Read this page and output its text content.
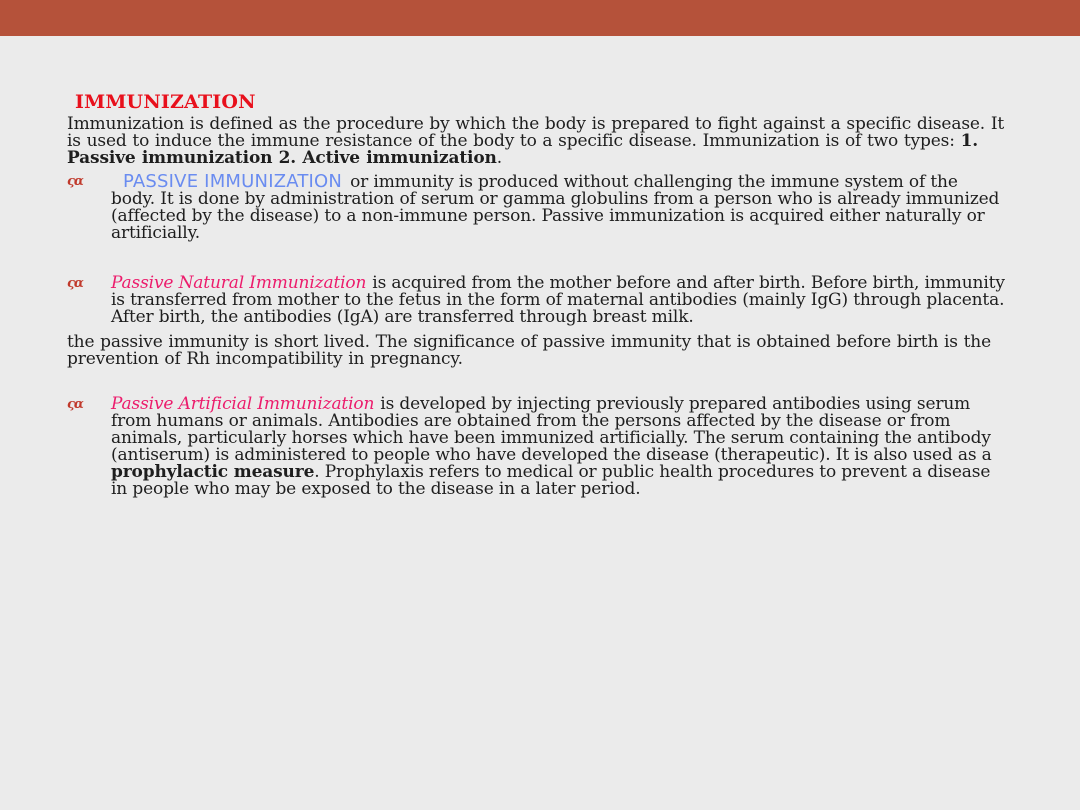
IMMUNIZATION
Immunization is defined as the procedure by which the body is prepared to fight against a specific disease. It is used to induce the immune resistance of the body to a specific disease. Immunization is of two types: 1. Passive immunization 2. Active immunization.
ςα PASSIVE IMMUNIZATION or immunity is produced without challenging the immune system of the body. It is done by administration of serum or gamma globulins from a person who is already immunized (affected by the disease) to a non-immune person. Passive immunization is acquired either naturally or artificially.
ςα Passive Natural Immunization is acquired from the mother before and after birth. Before birth, immunity is transferred from mother to the fetus in the form of maternal antibodies (mainly IgG) through placenta. After birth, the antibodies (IgA) are transferred through breast milk.
the passive immunity is short lived. The significance of passive immunity that is obtained before birth is the prevention of Rh incompatibility in pregnancy.
ςα Passive Artificial Immunization is developed by injecting previously prepared antibodies using serum from humans or animals. Antibodies are obtained from the persons affected by the disease or from animals, particularly horses which have been immunized artificially. The serum containing the antibody (antiserum) is administered to people who have developed the disease (therapeutic). It is also used as a prophylactic measure. Prophylaxis refers to medical or public health procedures to prevent a disease in people who may be exposed to the disease in a later period.
